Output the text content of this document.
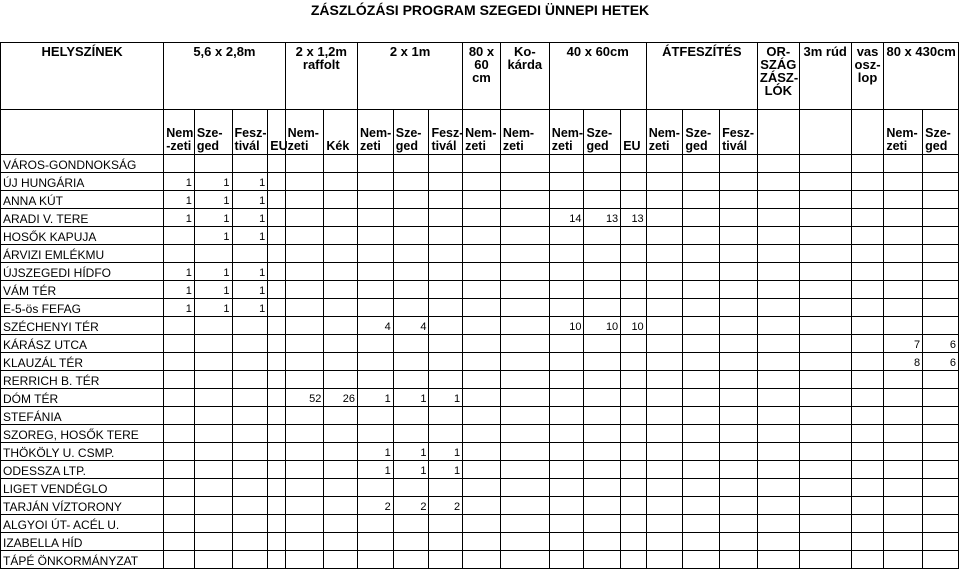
ZÁSZLÓZÁSI PROGRAM SZEGEDI ÜNNEPI HETEK
HELYSZÍNEK	5,6 x 2,8m				2 x 1,2m raffolt		2 x 1m			80 x 60 cm	Ko-kárda	40 x 60cm			ÁTFESZÍTÉS			OR-SZÁG ZÁSZ-LÓK	3m rúd	vas osz-lop	80 x 430cm	
	Nem -zeti	Sze-ged	Fesz-tivál	EU	Nem-zeti	Kék	Nem-zeti	Sze-ged	Fesz-tivál	Nem-zeti	Nem-zeti	Nem-zeti	Sze-ged	EU	Nem-zeti	Sze-ged	Fesz-tivál				Nem-zeti	Sze-ged
VÁROS-GONDNOKSÁG																						
ÚJ HUNGÁRIA	1	1	1																			
ANNA KÚT	1	1	1																			
ARADI V. TERE	1	1	1									14	13	13								
HOSŐK KAPUJA		1	1																			
ÁRVIZI EMLÉKMU																						
ÚJSZEGEDI HÍDFO	1	1	1																			
VÁM TÉR	1	1	1																			
E-5-ös FEFAG	1	1	1																			
SZÉCHENYI TÉR							4	4				10	10	10								
KÁRÁSZ UTCA																					7	6
KLAUZÁL TÉR																					8	6
RERRICH B. TÉR																						
DÓM TÉR					52	26	1	1	1													
STEFÁNIA																						
SZOREG, HOSŐK TERE																						
THÖKÖLY U. CSMP.							1	1	1													
ODESSZA LTP.							1	1	1													
LIGET VENDÉGLO																						
TARJÁN VÍZTORONY							2	2	2													
ALGYOI ÚT- ACÉL U.																						
IZABELLA HÍD																						
TÁPÉ ÖNKORMÁNYZAT																						
